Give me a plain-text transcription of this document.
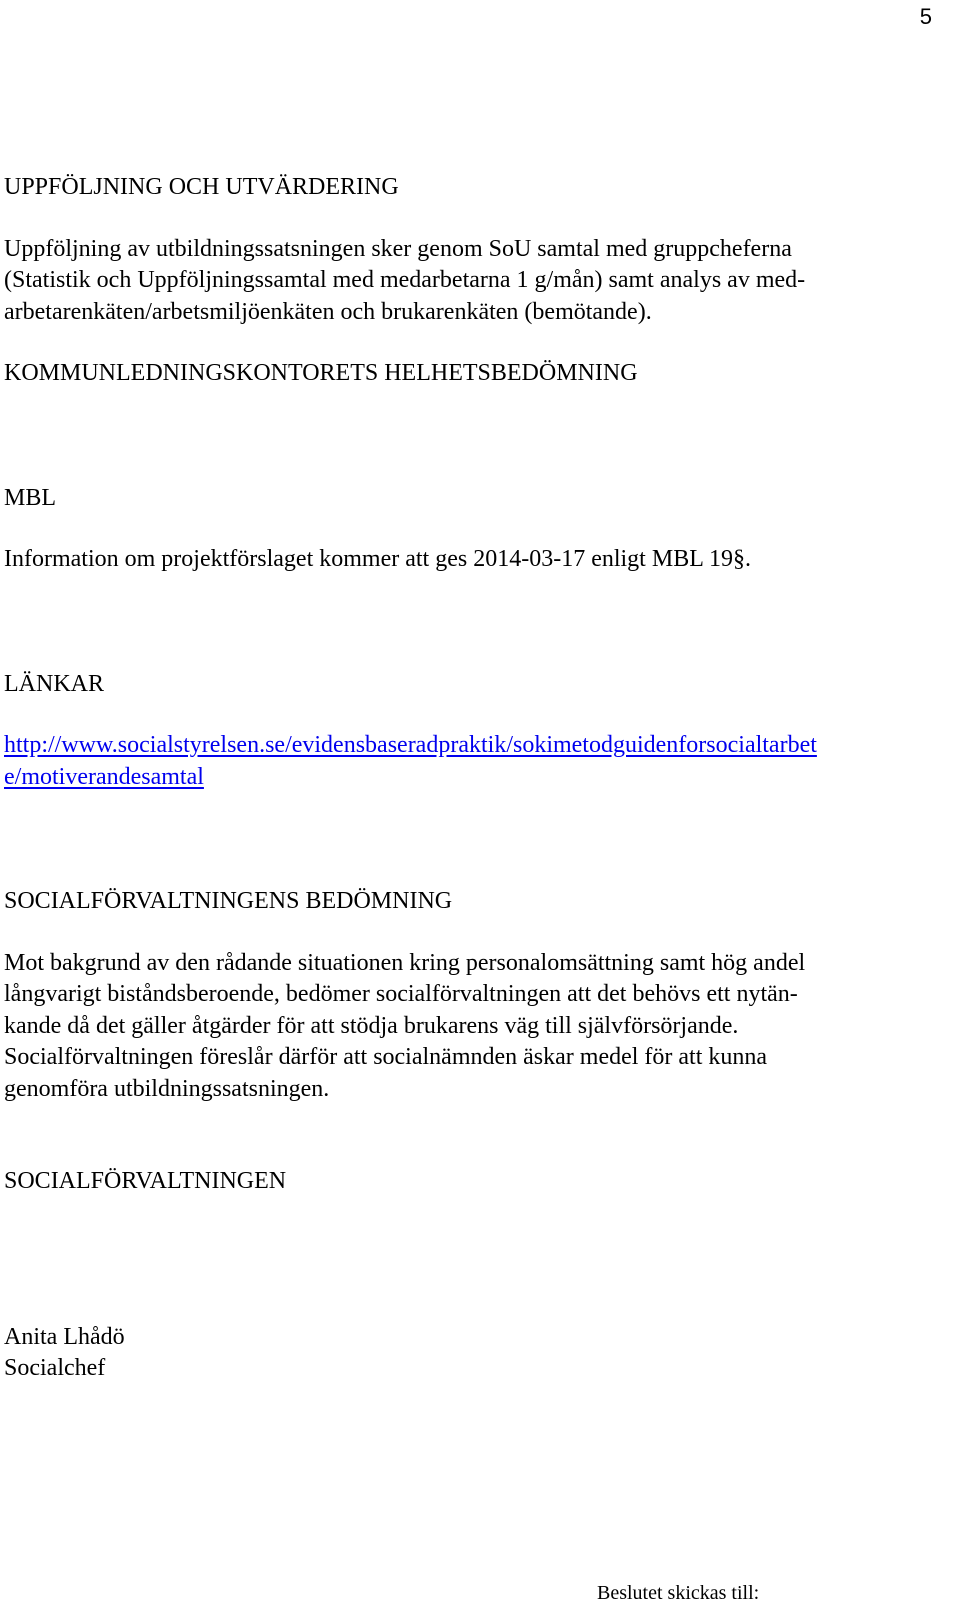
5

UPPFÖLJNING OCH UTVÄRDERING

Uppföljning av utbildningssatsningen sker genom SoU samtal med gruppcheferna
(Statistik och Uppföljningssamtal med medarbetarna 1 g/mån) samt analys av med-
arbetarenkäten/arbetsmiljöenkäten och brukarenkäten (bemötande).

KOMMUNLEDNINGSKONTORETS HELHETSBEDÖMNING

MBL

Information om projektförslaget kommer att ges 2014-03-17 enligt MBL 19§.

LÄNKAR

http://www.socialstyrelsen.se/evidensbaseradpraktik/sokimetodguidenforsocialtarbet
e/motiverandesamtal

SOCIALFÖRVALTNINGENS BEDÖMNING

Mot bakgrund av den rådande situationen kring personalomsättning samt hög andel
långvarigt biståndsberoende, bedömer socialförvaltningen att det behövs ett nytän-
kande då det gäller åtgärder för att stödja brukarens väg till självförsörjande.
Socialförvaltningen föreslår därför att socialnämnden äskar medel för att kunna
genomföra utbildningssatsningen.

SOCIALFÖRVALTNINGEN

Anita Lhådö

Socialchef

Beslutet skickas till:
